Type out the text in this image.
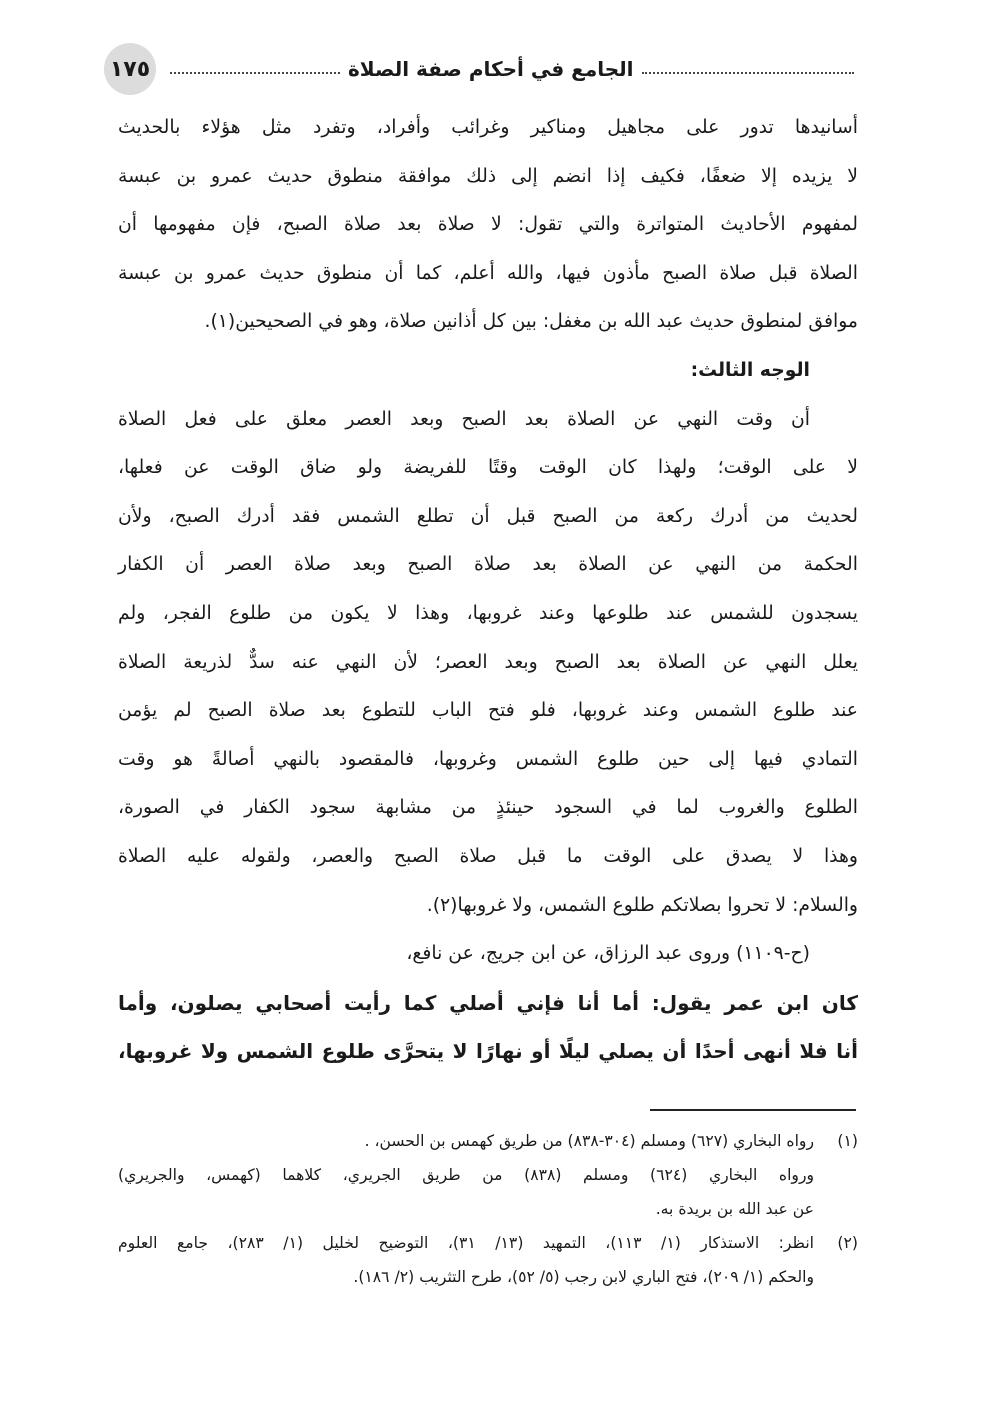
الجامع في أحكام صفة الصلاة
١٧٥
أسانيدها تدور على مجاهيل ومناكير وغرائب وأفراد، وتفرد مثل هؤلاء بالحديث
لا يزيده إلا ضعفًا، فكيف إذا انضم إلى ذلك موافقة منطوق حديث عمرو بن عبسة
لمفهوم الأحاديث المتواترة والتي تقول: لا صلاة بعد صلاة الصبح، فإن مفهومها أن
الصلاة قبل صلاة الصبح مأذون فيها، والله أعلم، كما أن منطوق حديث عمرو بن عبسة
موافق لمنطوق حديث عبد الله بن مغفل: بين كل أذانين صلاة، وهو في الصحيحين(١).
الوجه الثالث:
أن وقت النهي عن الصلاة بعد الصبح وبعد العصر معلق على فعل الصلاة
لا على الوقت؛ ولهذا كان الوقت وقتًا للفريضة ولو ضاق الوقت عن فعلها،
لحديث من أدرك ركعة من الصبح قبل أن تطلع الشمس فقد أدرك الصبح، ولأن
الحكمة من النهي عن الصلاة بعد صلاة الصبح وبعد صلاة العصر أن الكفار
يسجدون للشمس عند طلوعها وعند غروبها، وهذا لا يكون من طلوع الفجر، ولم
يعلل النهي عن الصلاة بعد الصبح وبعد العصر؛ لأن النهي عنه سدٌّ لذريعة الصلاة
عند طلوع الشمس وعند غروبها، فلو فتح الباب للتطوع بعد صلاة الصبح لم يؤمن
التمادي فيها إلى حين طلوع الشمس وغروبها، فالمقصود بالنهي أصالةً هو وقت
الطلوع والغروب لما في السجود حينئذٍ من مشابهة سجود الكفار في الصورة،
وهذا لا يصدق على الوقت ما قبل صلاة الصبح والعصر، ولقوله عليه الصلاة
والسلام: لا تحروا بصلاتكم طلوع الشمس، ولا غروبها(٢).
(ح-١١٠٩) وروى عبد الرزاق، عن ابن جريج، عن نافع،
كان ابن عمر يقول: أما أنا فإني أصلي كما رأيت أصحابي يصلون، وأما
أنا فلا أنهى أحدًا أن يصلي ليلًا أو نهارًا لا يتحرَّى طلوع الشمس ولا غروبها،
(١)
رواه البخاري (٦٢٧) ومسلم (٣٠٤-٨٣٨) من طريق كهمس بن الحسن، .
ورواه البخاري (٦٢٤) ومسلم (٨٣٨) من طريق الجريري، كلاهما (كهمس، والجريري)
عن عبد الله بن بريدة به.
(٢)
انظر: الاستذكار (١/ ١١٣)، التمهيد (١٣/ ٣١)، التوضيح لخليل (١/ ٢٨٣)، جامع العلوم
والحكم (١/ ٢٠٩)، فتح الباري لابن رجب (٥/ ٥٢)، طرح التثريب (٢/ ١٨٦).
